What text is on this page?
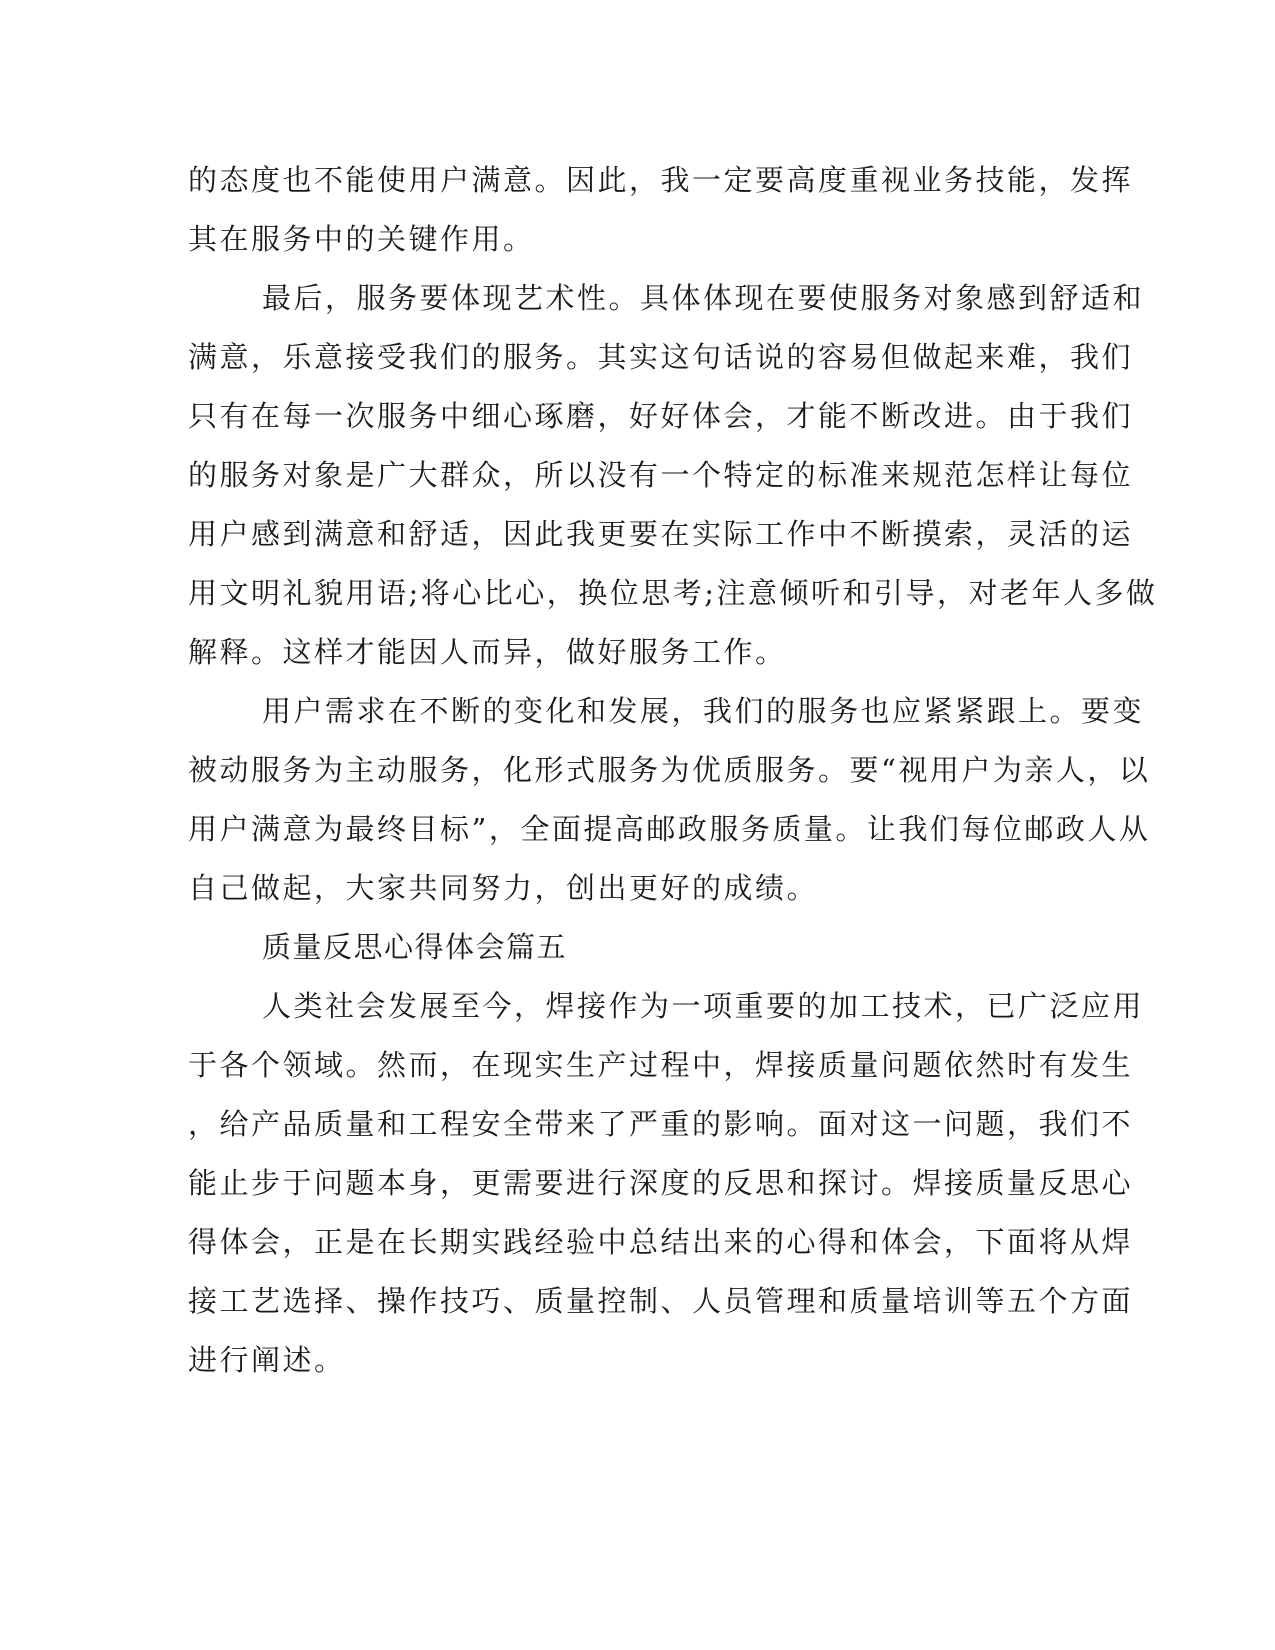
的态度也不能使用户满意。因此，我一定要高度重视业务技能，发挥
其在服务中的关键作用。
最后，服务要体现艺术性。具体体现在要使服务对象感到舒适和
满意，乐意接受我们的服务。其实这句话说的容易但做起来难，我们
只有在每一次服务中细心琢磨，好好体会，才能不断改进。由于我们
的服务对象是广大群众，所以没有一个特定的标准来规范怎样让每位
用户感到满意和舒适，因此我更要在实际工作中不断摸索，灵活的运
用文明礼貌用语;将心比心，换位思考;注意倾听和引导，对老年人多做
解释。这样才能因人而异，做好服务工作。
用户需求在不断的变化和发展，我们的服务也应紧紧跟上。要变
被动服务为主动服务，化形式服务为优质服务。要“视用户为亲人，以
用户满意为最终目标”，全面提高邮政服务质量。让我们每位邮政人从
自己做起，大家共同努力，创出更好的成绩。
质量反思心得体会篇五
人类社会发展至今，焊接作为一项重要的加工技术，已广泛应用
于各个领域。然而，在现实生产过程中，焊接质量问题依然时有发生
，给产品质量和工程安全带来了严重的影响。面对这一问题，我们不
能止步于问题本身，更需要进行深度的反思和探讨。焊接质量反思心
得体会，正是在长期实践经验中总结出来的心得和体会，下面将从焊
接工艺选择、操作技巧、质量控制、人员管理和质量培训等五个方面
进行阐述。
